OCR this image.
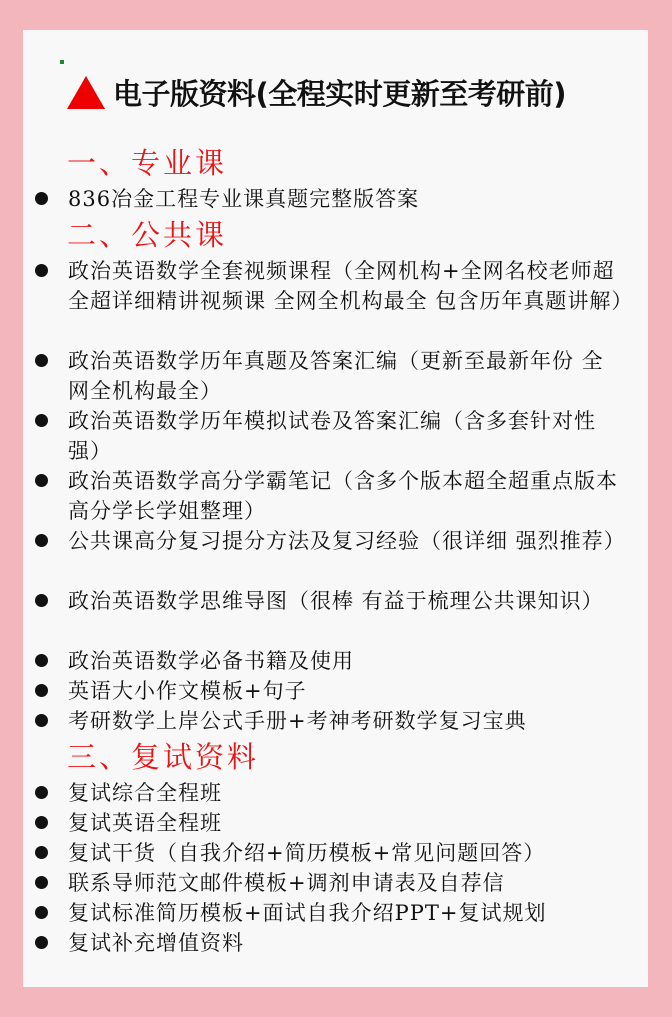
电子版资料(全程实时更新至考研前)
一、专业课
836冶金工程专业课真题完整版答案
二、公共课
政治英语数学全套视频课程（全网机构+全网名校老师超全超详细精讲视频课 全网全机构最全 包含历年真题讲解）
政治英语数学历年真题及答案汇编（更新至最新年份 全网全机构最全）
政治英语数学历年模拟试卷及答案汇编（含多套针对性强）
政治英语数学高分学霸笔记（含多个版本超全超重点版本 高分学长学姐整理）
公共课高分复习提分方法及复习经验（很详细 强烈推荐）
政治英语数学思维导图（很棒 有益于梳理公共课知识）
政治英语数学必备书籍及使用
英语大小作文模板+句子
考研数学上岸公式手册+考神考研数学复习宝典
三、复试资料
复试综合全程班
复试英语全程班
复试干货（自我介绍+简历模板+常见问题回答）
联系导师范文邮件模板+调剂申请表及自荐信
复试标准简历模板+面试自我介绍PPT+复试规划
复试补充增值资料
